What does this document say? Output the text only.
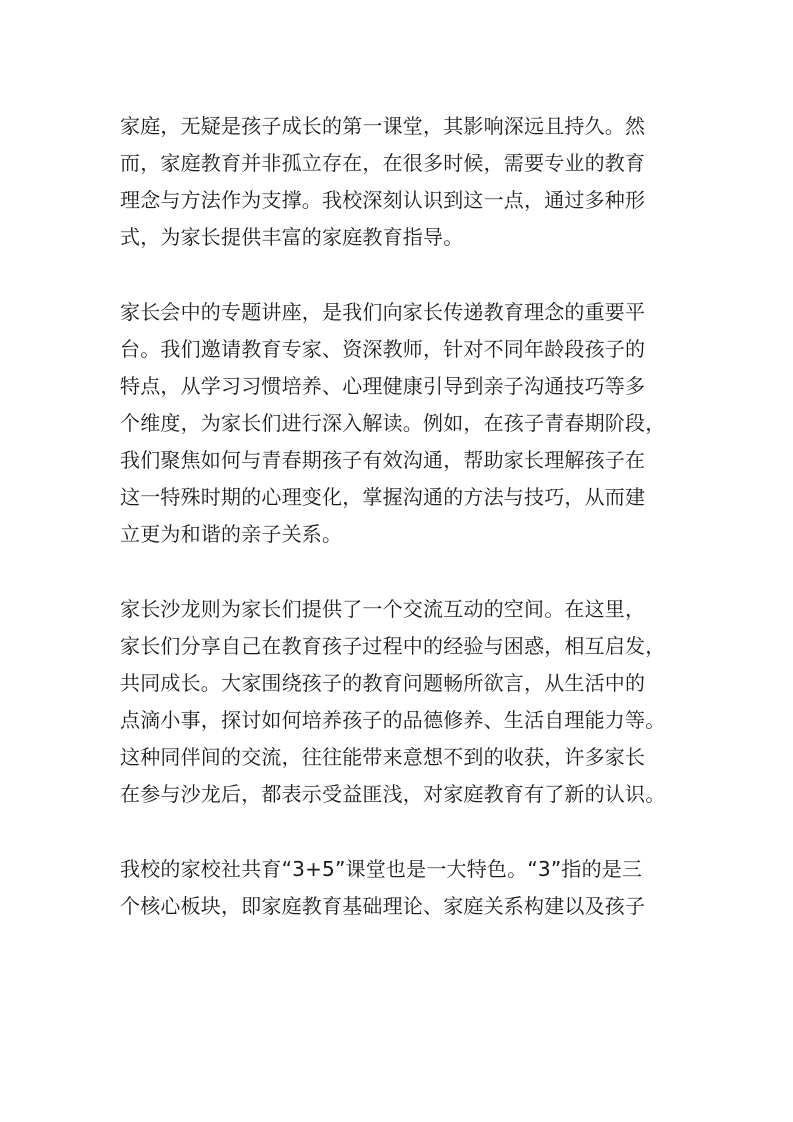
家庭，无疑是孩子成长的第一课堂，其影响深远且持久。然
而，家庭教育并非孤立存在，在很多时候，需要专业的教育
理念与方法作为支撑。我校深刻认识到这一点，通过多种形
式，为家长提供丰富的家庭教育指导。
家长会中的专题讲座，是我们向家长传递教育理念的重要平
台。我们邀请教育专家、资深教师，针对不同年龄段孩子的
特点，从学习习惯培养、心理健康引导到亲子沟通技巧等多
个维度，为家长们进行深入解读。例如，在孩子青春期阶段，
我们聚焦如何与青春期孩子有效沟通，帮助家长理解孩子在
这一特殊时期的心理变化，掌握沟通的方法与技巧，从而建
立更为和谐的亲子关系。
家长沙龙则为家长们提供了一个交流互动的空间。在这里，
家长们分享自己在教育孩子过程中的经验与困惑，相互启发，
共同成长。大家围绕孩子的教育问题畅所欲言，从生活中的
点滴小事，探讨如何培养孩子的品德修养、生活自理能力等。
这种同伴间的交流，往往能带来意想不到的收获，许多家长
在参与沙龙后，都表示受益匪浅，对家庭教育有了新的认识。
我校的家校社共育“3+5”课堂也是一大特色。“3”指的是三
个核心板块，即家庭教育基础理论、家庭关系构建以及孩子
